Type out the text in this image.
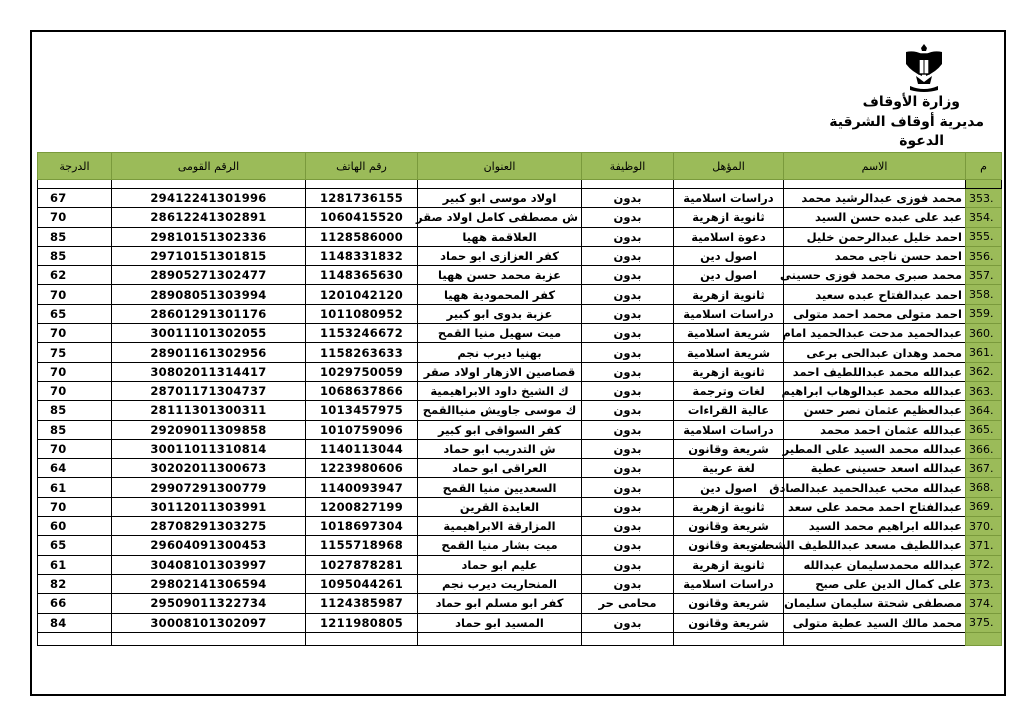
وزارة الأوقاف
مديرية أوقاف الشرقية
الدعوة
م	الاسم	المؤهل	الوظيفة	العنوان	رقم الهاتف	الرقم القومى	الدرجة

353.	محمد فوزى عبدالرشيد محمد	دراسات اسلامية	بدون	اولاد موسى ابو كبير	1281736155	29412241301996	67
354.	عبد على عبده حسن السيد	ثانوية ازهرية	بدون	ش مصطفى كامل اولاد صقر	1060415520	28612241302891	70
355.	احمد خليل عبدالرحمن خليل	دعوة اسلامية	بدون	العلاقمة ههيا	1128586000	29810151302336	85
356.	احمد حسن ناجى محمد	اصول دين	بدون	كفر العزازى ابو حماد	1148331832	29710151301815	85
357.	محمد صبرى محمد فوزى حسينى	اصول دين	بدون	عزبة محمد حسن ههيا	1148365630	28905271302477	62
358.	احمد عبدالفتاح عبده سعيد	ثانوية ازهرية	بدون	كفر المحمودية ههيا	1201042120	28908051303994	70
359.	احمد متولى محمد احمد متولى	دراسات اسلامية	بدون	عزبة بدوى ابو كبير	1011080952	28601291301176	65
360.	عبدالحميد مدحت عبدالحميد امام	شريعة اسلامية	بدون	ميت سهيل منيا القمح	1153246672	30011101302055	70
361.	محمد وهدان عبدالحى برعى	شريعة اسلامية	بدون	بهنيا ديرب نجم	1158263633	28901161302956	75
362.	عبدالله محمد عبداللطيف احمد	ثانوية ازهرية	بدون	قصاصين الازهار اولاد صقر	1029750059	30802011314417	70
363.	عبدالله محمد عبدالوهاب ابراهيم	لغات وترجمة	بدون	ك الشيخ داود الابراهيمية	1068637866	28701171304737	70
364.	عبدالعظيم عثمان نصر حسن	عالية القراءات	بدون	ك موسى جاويش منياالقمح	1013457975	28111301300311	85
365.	عبدالله عثمان احمد محمد	دراسات اسلامية	بدون	كفر السواقى ابو كبير	1010759096	29209011309858	85
366.	عبدالله محمد السيد على المطير	شريعة وقانون	بدون	ش التدريب ابو حماد	1140113044	30011011310814	70
367.	عبدالله اسعد حسينى عطية	لغة عربية	بدون	العراقى ابو حماد	1223980606	30202011300673	64
368.	عبدالله محب عبدالحميد عبدالصادق	اصول دين	بدون	السعديين منيا القمح	1140093947	29907291300779	61
369.	عبدالفتاح احمد محمد على سعد	ثانوية ازهرية	بدون	العايدة القرين	1200827199	30112011303991	70
370.	عبدالله ابراهيم محمد السيد	شريعة وقانون	بدون	المزارقة الابراهيمية	1018697304	28708291303275	60
371.	عبداللطيف مسعد عبداللطيف الشحات	شريعة وقانون	بدون	ميت بشار منيا القمح	1155718968	29604091300453	65
372.	عبدالله محمدسليمان عبدالله	ثانوية ازهرية	بدون	عليم ابو حماد	1027878281	30408101303997	61
373.	على كمال الدين على صبح	دراسات اسلامية	بدون	المنحاريت ديرب نجم	1095044261	29802141306594	82
374.	مصطفى شحتة سليمان سليمان	شريعة وقانون	محامى حر	كفر ابو مسلم ابو حماد	1124385987	29509011322734	66
375.	محمد مالك السيد عطية متولى	شريعة وقانون	بدون	المسيد ابو حماد	1211980805	30008101302097	84
